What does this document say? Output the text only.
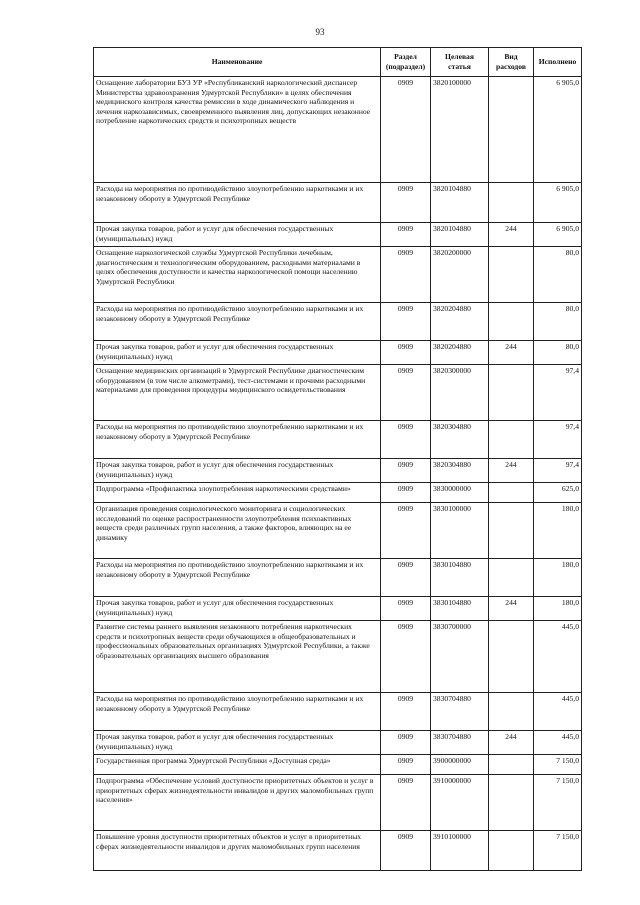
93
Наименование	Раздел (подраздел)	Целевая статья	Вид расходов	Исполнено
Оснащение лаборатории БУЗ УР «Республиканский наркологический диспансер Министерства здравоохранения Удмуртской Республики» в целях обеспечения медицинского контроля качества ремиссии в ходе динамического наблюдения и лечения наркозависимых, своевременного выявления лиц, допускающих незаконное потребление наркотических средств и психотропных веществ	0909	3820100000		6 905,0
Расходы на мероприятия по противодействию злоупотреблению наркотиками и их незаконному обороту в Удмуртской Республике	0909	3820104880		6 905,0
Прочая закупка товаров, работ и услуг для обеспечения государственных (муниципальных) нужд	0909	3820104880	244	6 905,0
Оснащение наркологической службы Удмуртской Республики лечебным, диагностическим и технологическим оборудованием, расходными материалами в целях обеспечения доступности и качества наркологической помощи населению Удмуртской Республики	0909	3820200000		80,0
Расходы на мероприятия по противодействию злоупотреблению наркотиками и их незаконному обороту в Удмуртской Республике	0909	3820204880		80,0
Прочая закупка товаров, работ и услуг для обеспечения государственных (муниципальных) нужд	0909	3820204880	244	80,0
Оснащение медицинских организаций в Удмуртской Республике диагностическим оборудованием (в том числе алкометрами), тест-системами и прочими расходными материалами для проведения процедуры медицинского освидетельствования	0909	3820300000		97,4
Расходы на мероприятия по противодействию злоупотреблению наркотиками и их незаконному обороту в Удмуртской Республике	0909	3820304880		97,4
Прочая закупка товаров, работ и услуг для обеспечения государственных (муниципальных) нужд	0909	3820304880	244	97,4
Подпрограмма «Профилактика злоупотребления наркотическими средствами»	0909	3830000000		625,0
Организация проведения социологического мониторинга и социологических исследований по оценке распространенности злоупотребления психоактивных веществ среди различных групп населения, а также факторов, влияющих на ее динамику	0909	3830100000		180,0
Расходы на мероприятия по противодействию злоупотреблению наркотиками и их незаконному обороту в Удмуртской Республике	0909	3830104880		180,0
Прочая закупка товаров, работ и услуг для обеспечения государственных (муниципальных) нужд	0909	3830104880	244	180,0
Развитие системы раннего выявления незаконного потребления наркотических средств и психотропных веществ среди обучающихся в общеобразовательных и профессиональных образовательных организациях Удмуртской Республики, а также образовательных организациях высшего образования	0909	3830700000		445,0
Расходы на мероприятия по противодействию злоупотреблению наркотиками и их незаконному обороту в Удмуртской Республике	0909	3830704880		445,0
Прочая закупка товаров, работ и услуг для обеспечения государственных (муниципальных) нужд	0909	3830704880	244	445,0
Государственная программа Удмуртской Республики «Доступная среда»	0909	3900000000		7 150,0
Подпрограмма «Обеспечение условий доступности приоритетных объектов и услуг в приоритетных сферах жизнедеятельности инвалидов и других маломобильных групп населения»	0909	3910000000		7 150,0
Повышение уровня доступности приоритетных объектов и услуг в приоритетных сферах жизнедеятельности инвалидов и других маломобильных групп населения	0909	3910100000		7 150,0
